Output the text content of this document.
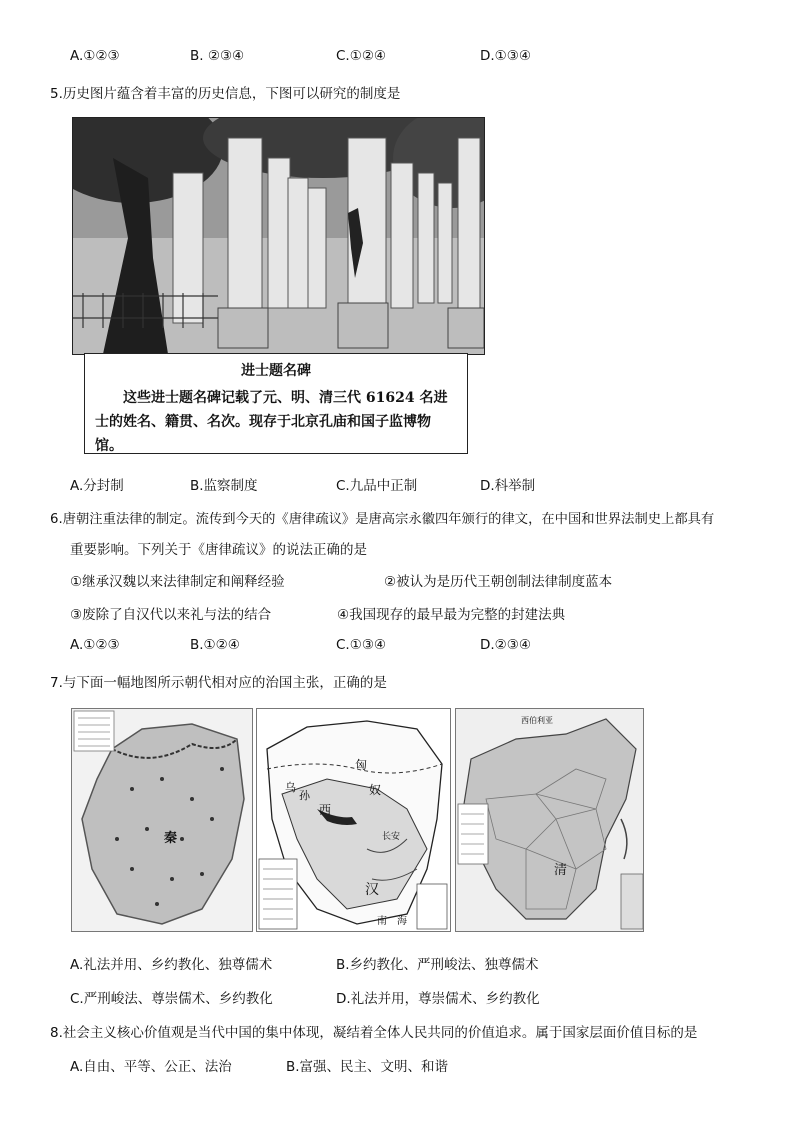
A.①②③	B. ②③④	C.①②④	D.①③④
5.历史图片蕴含着丰富的历史信息，下图可以研究的制度是
进士题名碑
这些进士题名碑记载了元、明、清三代 61624 名进士的姓名、籍贯、名次。现存于北京孔庙和国子监博物馆。
A.分封制	B.监察制度	C.九品中正制	D.科举制
6.唐朝注重法律的制定。流传到今天的《唐律疏议》是唐高宗永徽四年颁行的律文，在中国和世界法制史上都具有
重要影响。下列关于《唐律疏议》的说法正确的是
①继承汉魏以来法律制定和阐释经验	②被认为是历代王朝创制法律制度蓝本
③废除了自汉代以来礼与法的结合	④我国现存的最早最为完整的封建法典
A.①②③	B.①②④	C.①③④	D.②③④
7.与下面一幅地图所示朝代相对应的治国主张，正确的是
秦
匈
奴
西
汉
乌
孙
长安
南 海
清
西伯利亚
A.礼法并用、乡约教化、独尊儒术	B.乡约教化、严刑峻法、独尊儒术
C.严刑峻法、尊崇儒术、乡约教化	D.礼法并用，尊崇儒术、乡约教化
8.社会主义核心价值观是当代中国的集中体现，凝结着全体人民共同的价值追求。属于国家层面价值目标的是
A.自由、平等、公正、法治	B.富强、民主、文明、和谐
